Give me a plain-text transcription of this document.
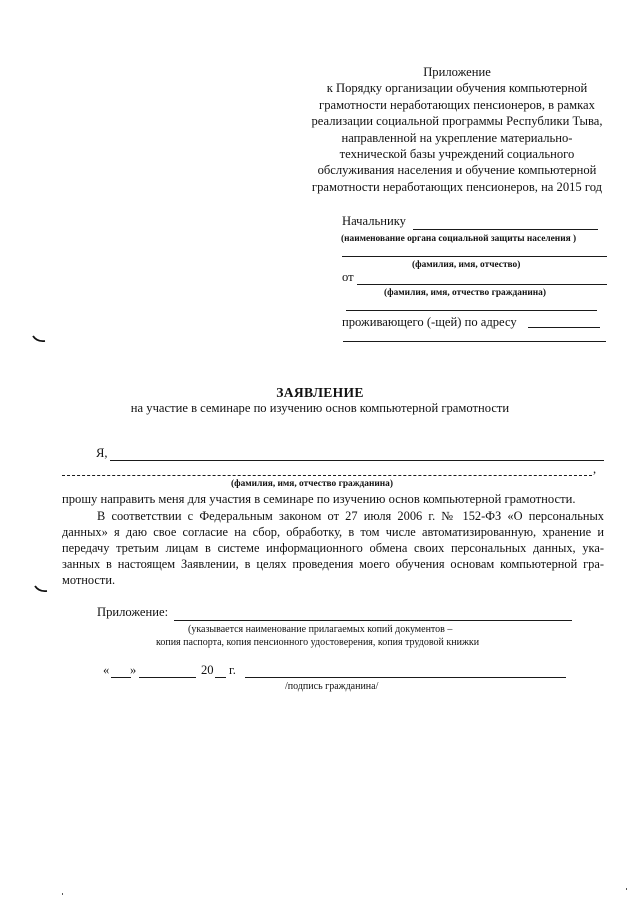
Приложение
к Порядку организации обучения компьютерной
грамотности неработающих пенсионеров, в рамках
реализации социальной программы Республики Тыва,
направленной на укрепление материально-
технической базы учреждений социального
обслуживания населения и обучение компьютерной
грамотности неработающих пенсионеров, на 2015 год
Начальнику
(наименование органа социальной защиты населения )
(фамилия, имя, отчество)
от
(фамилия, имя, отчество гражданина)
проживающего (-щей) по адресу
ЗАЯВЛЕНИЕ
на участие в семинаре по изучению основ компьютерной грамотности
Я,
,
(фамилия, имя, отчество гражданина)
прошу направить меня для участия в семинаре по изучению основ компьютерной грамотности.
В соответствии с Федеральным законом от 27 июля 2006 г. № 152-ФЗ «О персональных
данных» я даю свое согласие на сбор, обработку, в том числе автоматизированную, хранение и
передачу третьим лицам в системе информационного обмена своих персональных данных, ука-
занных в настоящем Заявлении, в целях проведения моего обучения основам компьютерной гра-
мотности.
Приложение:
(указывается наименование прилагаемых копий документов –
копия паспорта, копия пенсионного удостоверения, копия трудовой книжки
« »	20 г.
/подпись гражданина/
